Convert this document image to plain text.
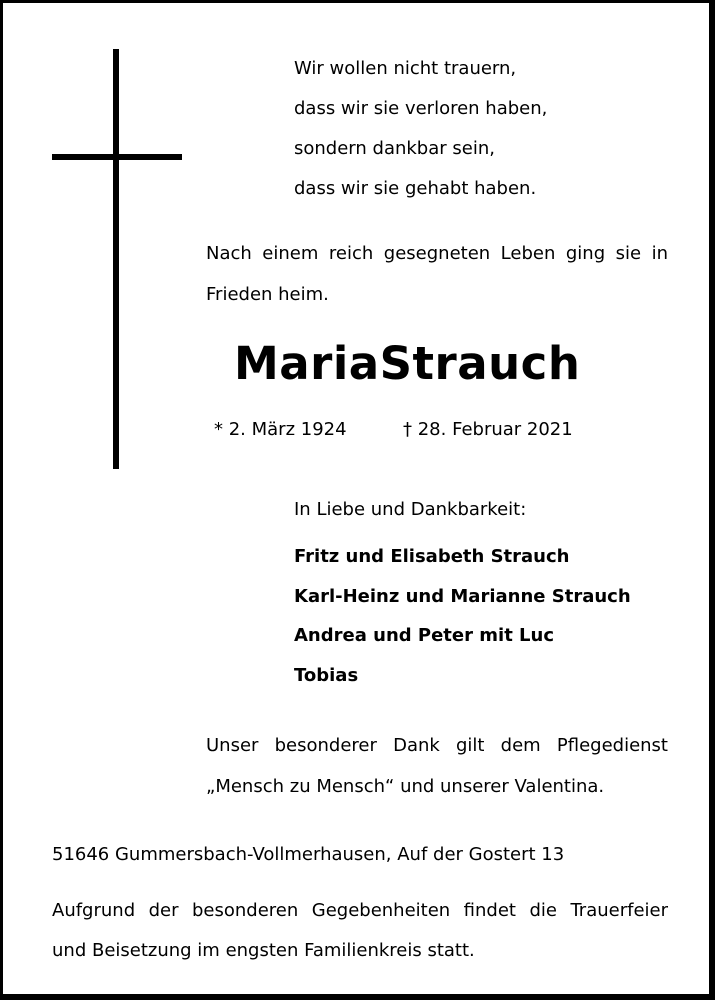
Wir wollen nicht trauern,
dass wir sie verloren haben,
sondern dankbar sein,
dass wir sie gehabt haben.
Nach einem reich gesegneten Leben ging sie in Frieden heim.
MariaStrauch
* 2. März 1924	† 28. Februar 2021
In Liebe und Dankbarkeit:
Fritz und Elisabeth Strauch
Karl-Heinz und Marianne Strauch
Andrea und Peter mit Luc
Tobias
Unser besonderer Dank gilt dem Pflegedienst
„Mensch zu Mensch“ und unserer Valentina.
51646 Gummersbach-Vollmerhausen, Auf der Gostert 13
Aufgrund der besonderen Gegebenheiten findet die Trauerfeier
und Beisetzung im engsten Familienkreis statt.
